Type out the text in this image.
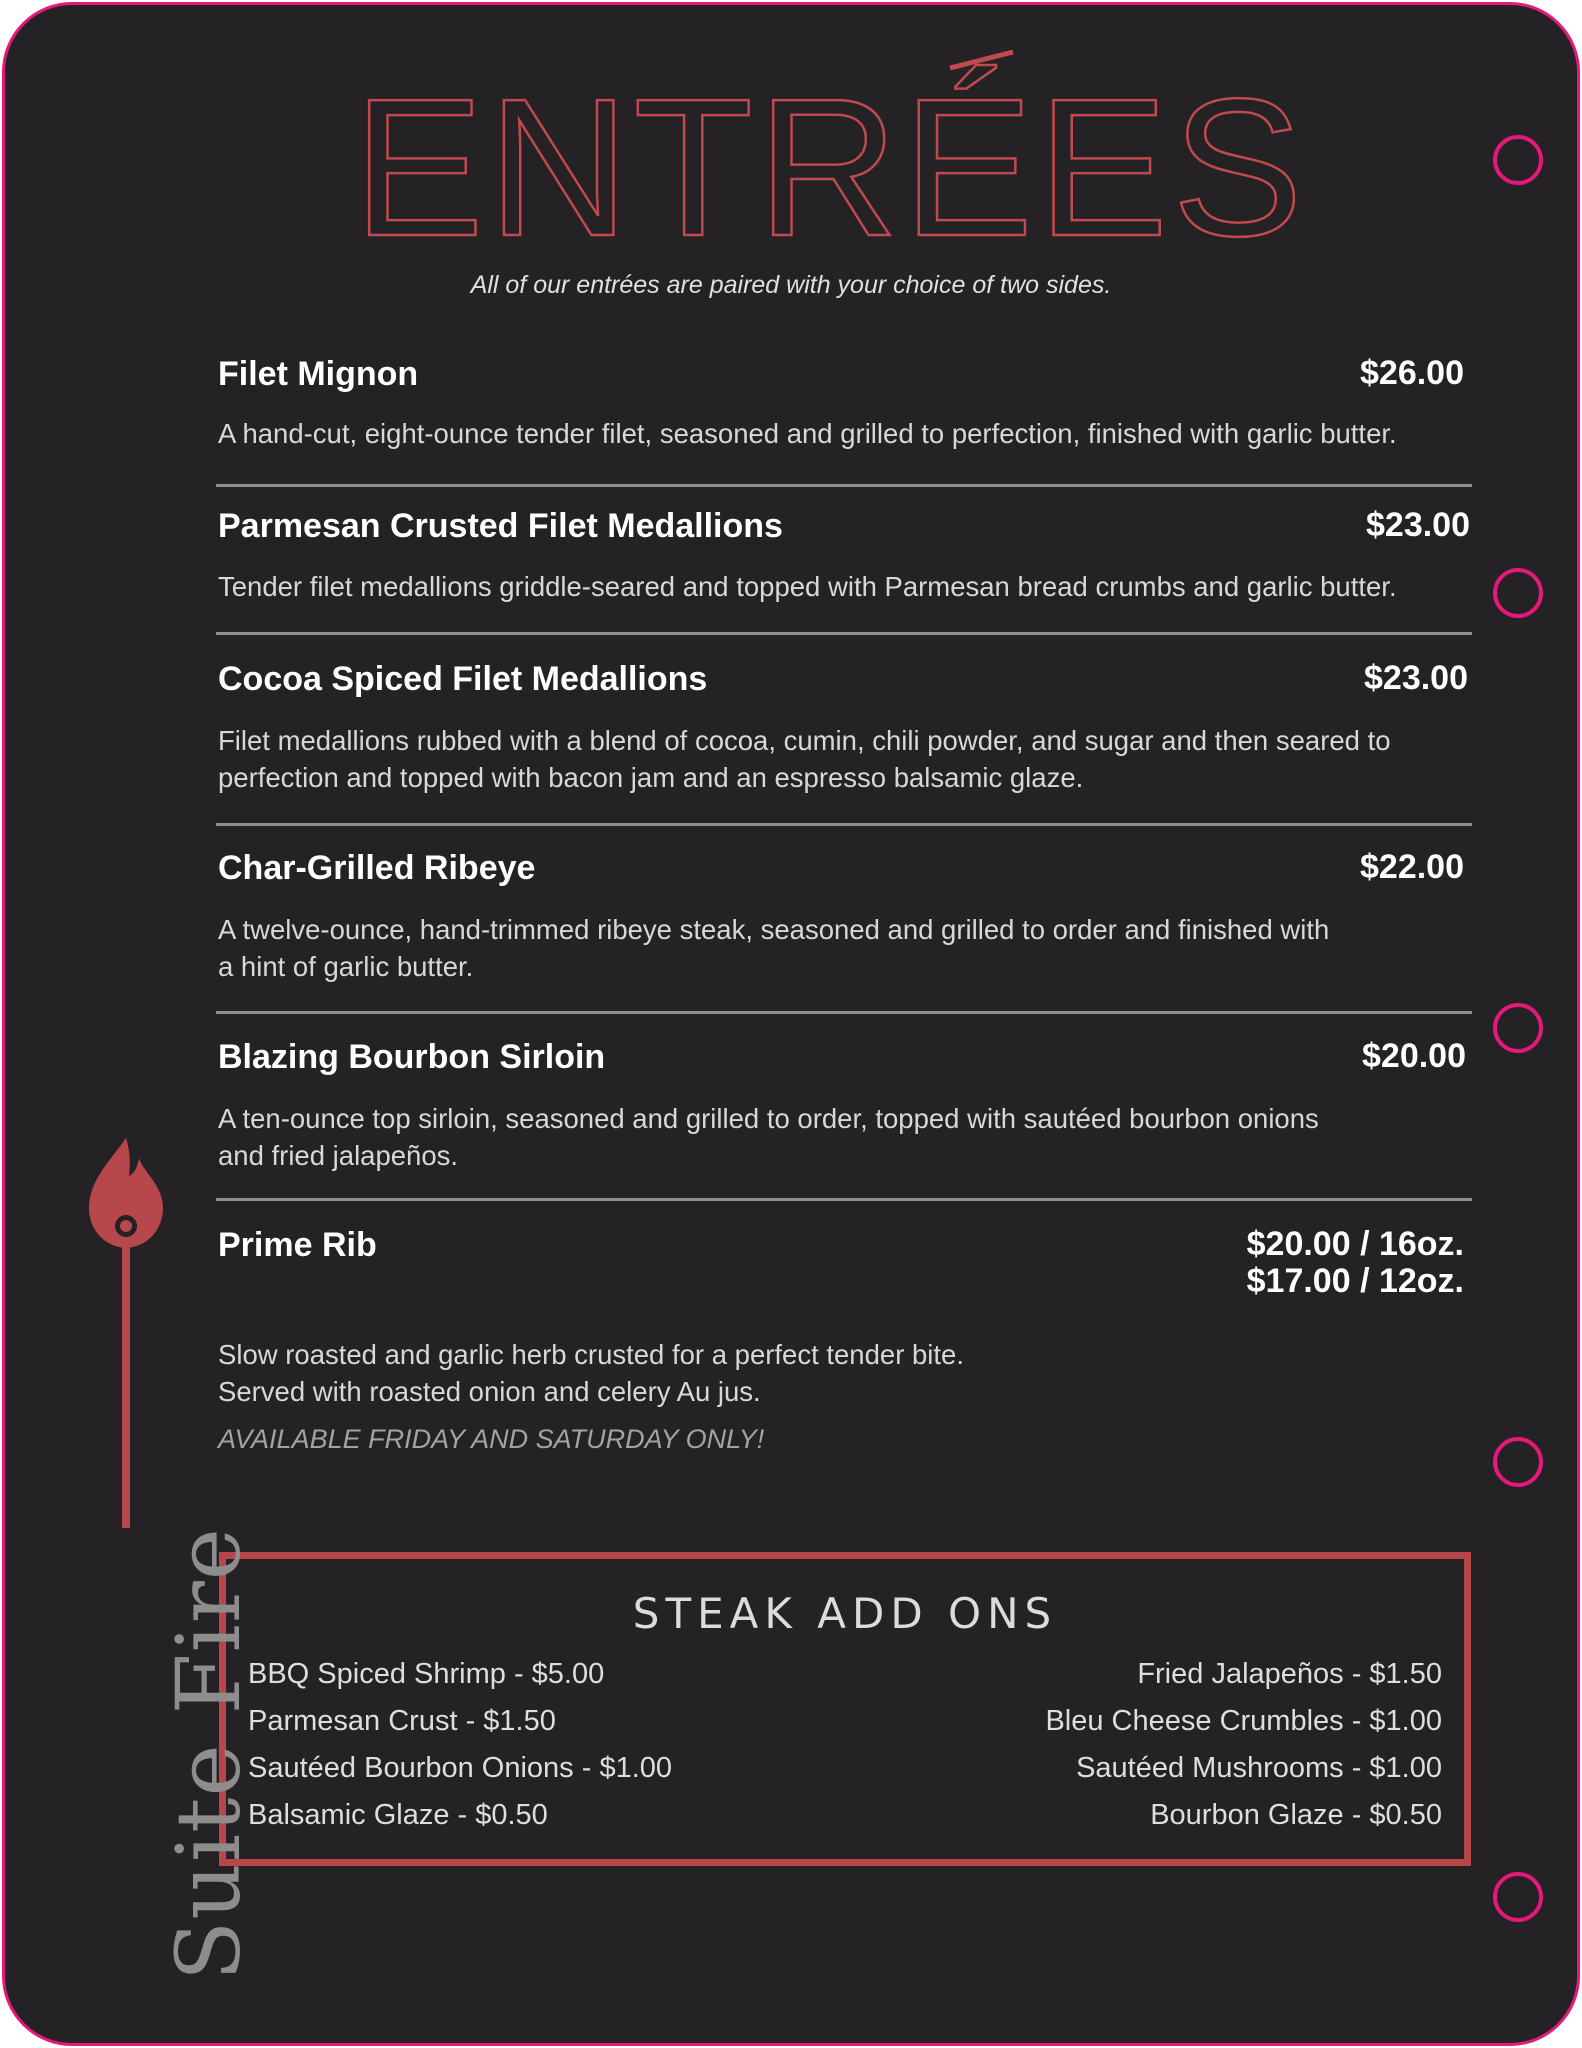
ENTRÉES
All of our entrées are paired with your choice of two sides.
Filet Mignon	$26.00
A hand-cut, eight-ounce tender filet, seasoned and grilled to perfection, finished with garlic butter.
Parmesan Crusted Filet Medallions	$23.00
Tender filet medallions griddle-seared and topped with Parmesan bread crumbs and garlic butter.
Cocoa Spiced Filet Medallions	$23.00
Filet medallions rubbed with a blend of cocoa, cumin, chili powder, and sugar and then seared to
perfection and topped with bacon jam and an espresso balsamic glaze.
Char-Grilled Ribeye	$22.00
A twelve-ounce, hand-trimmed ribeye steak, seasoned and grilled to order and finished with
a hint of garlic butter.
Blazing Bourbon Sirloin	$20.00
A ten-ounce top sirloin, seasoned and grilled to order, topped with sautéed bourbon onions
and fried jalapeños.
Prime Rib	$20.00 / 16oz.
$17.00 / 12oz.
Slow roasted and garlic herb crusted for a perfect tender bite.
Served with roasted onion and celery Au jus.
AVAILABLE FRIDAY AND SATURDAY ONLY!
STEAK ADD ONS
BBQ Spiced Shrimp - $5.00
Parmesan Crust - $1.50
Sautéed Bourbon Onions - $1.00
Balsamic Glaze - $0.50
Fried Jalapeños - $1.50
Bleu Cheese Crumbles - $1.00
Sautéed Mushrooms - $1.00
Bourbon Glaze - $0.50
Suite Fire
